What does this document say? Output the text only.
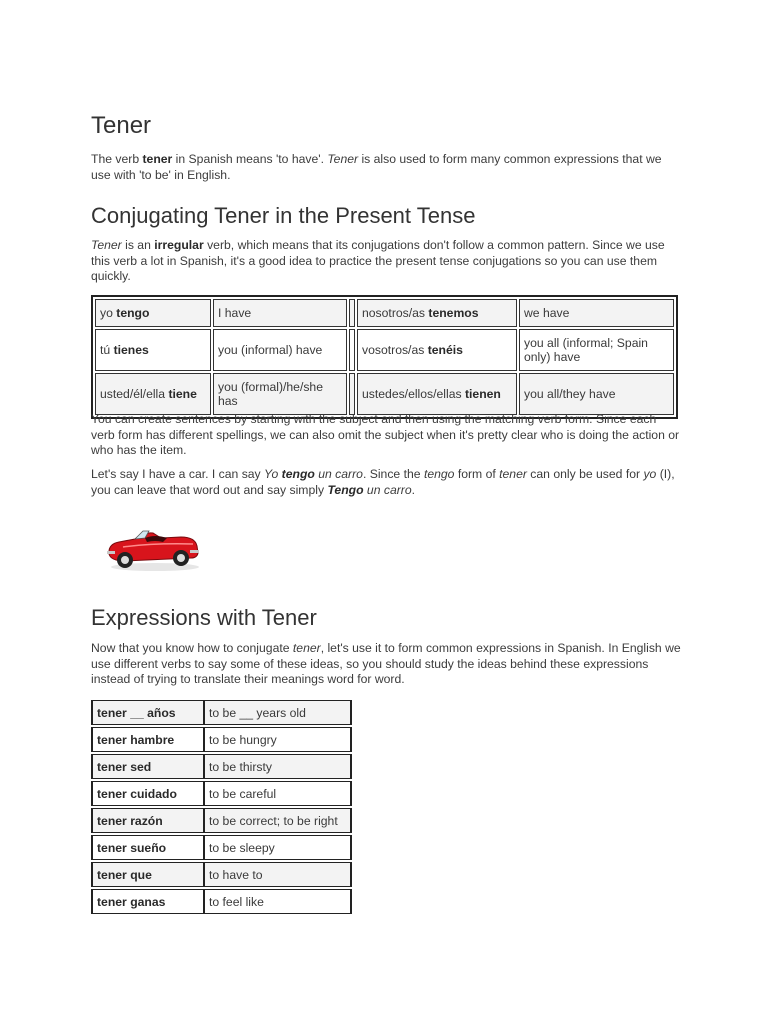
Tener

The verb tener in Spanish means 'to have'. Tener is also used to form many common expressions that we use with 'to be' in English.

Conjugating Tener in the Present Tense

Tener is an irregular verb, which means that its conjugations don't follow a common pattern. Since we use this verb a lot in Spanish, it's a good idea to practice the present tense conjugations so you can use them quickly.

yo tengo	I have		nosotros/as tenemos	we have
tú tienes	you (informal) have		vosotros/as tenéis	you all (informal; Spain only) have
usted/él/ella tiene	you (formal)/he/she has		ustedes/ellos/ellas tienen	you all/they have

You can create sentences by starting with the subject and then using the matching verb form. Since each verb form has different spellings, we can also omit the subject when it's pretty clear who is doing the action or who has the item.

Let's say I have a car. I can say Yo tengo un carro. Since the tengo form of tener can only be used for yo (I), you can leave that word out and say simply Tengo un carro.

Expressions with Tener

Now that you know how to conjugate tener, let's use it to form common expressions in Spanish. In English we use different verbs to say some of these ideas, so you should study the ideas behind these expressions instead of trying to translate their meanings word for word.

tener __ años	to be __ years old
tener hambre	to be hungry
tener sed	to be thirsty
tener cuidado	to be careful
tener razón	to be correct; to be right
tener sueño	to be sleepy
tener que	to have to
tener ganas	to feel like
